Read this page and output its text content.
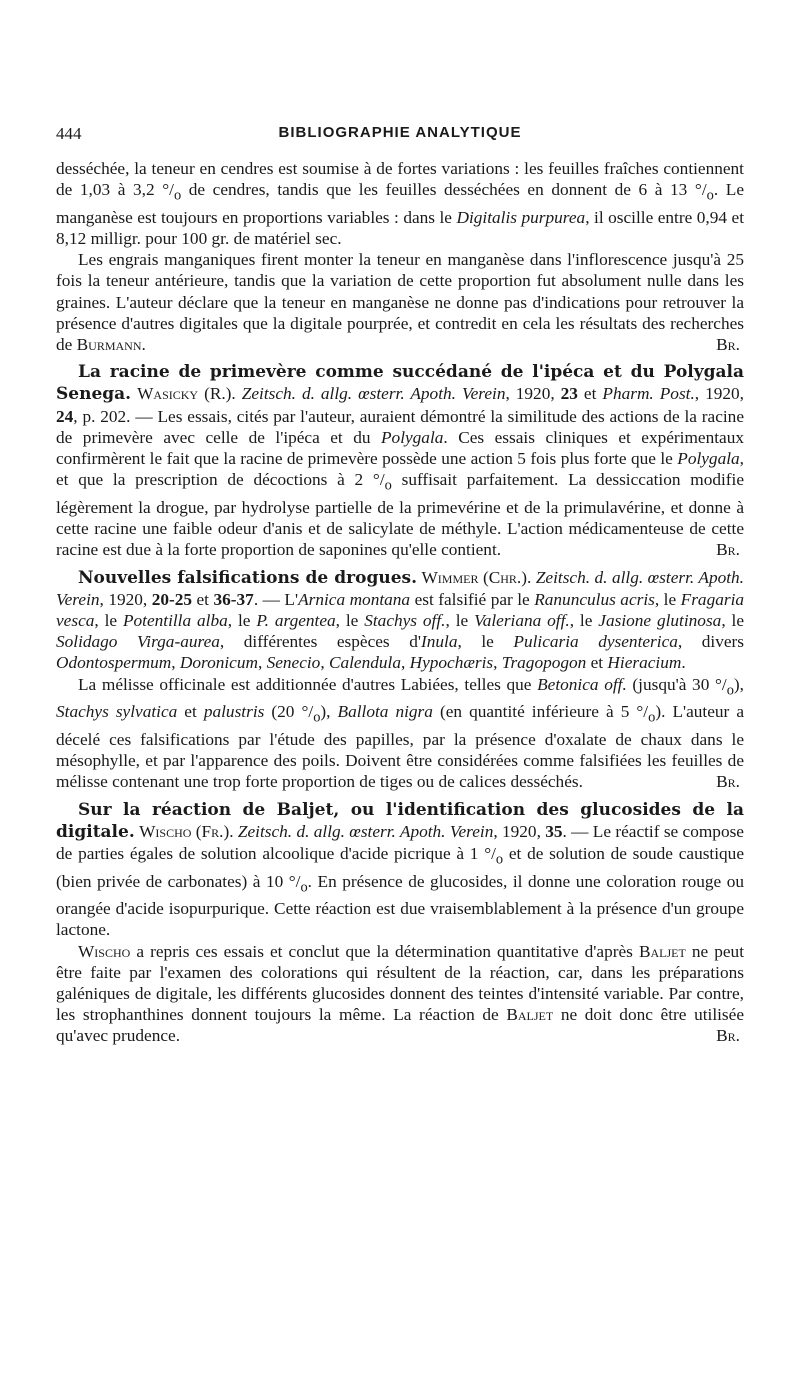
444	BIBLIOGRAPHIE ANALYTIQUE

desséchée, la teneur en cendres est soumise à de fortes variations : les feuilles fraîches contiennent de 1,03 à 3,2 $^\circ/_o$ de cendres, tandis que les feuilles desséchées en donnent de 6 à 13 $^\circ/_o$. Le manganèse est toujours en proportions variables : dans le Digitalis purpurea, il oscille entre 0,94 et 8,12 milligr. pour 100 gr. de matériel sec.

Les engrais manganiques firent monter la teneur en manganèse dans l'inflorescence jusqu'à 25 fois la teneur antérieure, tandis que la variation de cette proportion fut absolument nulle dans les graines. L'auteur déclare que la teneur en manganèse ne donne pas d'indications pour retrouver la présence d'autres digitales que la digitale pourprée, et contredit en cela les résultats des recherches de Burmann.	Br.

La racine de primevère comme succédané de l'ipéca et du Polygala Senega. Wasicky (R.). Zeitsch. d. allg. œsterr. Apoth. Verein, 1920, 23 et Pharm. Post., 1920, 24, p. 202. — Les essais, cités par l'auteur, auraient démontré la similitude des actions de la racine de primevère avec celle de l'ipéca et du Polygala. Ces essais cliniques et expérimentaux confirmèrent le fait que la racine de primevère possède une action 5 fois plus forte que le Polygala, et que la prescription de décoctions à 2 $^\circ/_o$ suffisait parfaitement. La dessiccation modifie légèrement la drogue, par hydrolyse partielle de la primevérine et de la primulavérine, et donne à cette racine une faible odeur d'anis et de salicylate de méthyle. L'action médicamenteuse de cette racine est due à la forte proportion de saponines qu'elle contient.	Br.

Nouvelles falsifications de drogues. Wimmer (Chr.). Zeitsch. d. allg. œsterr. Apoth. Verein, 1920, 20-25 et 36-37. — L'Arnica montana est falsifié par le Ranunculus acris, le Fragaria vesca, le Potentilla alba, le P. argentea, le Stachys off., le Valeriana off., le Jasione glutinosa, le Solidago Virga-aurea, différentes espèces d'Inula, le Pulicaria dysenterica, divers Odontospermum, Doronicum, Senecio, Calendula, Hypochæris, Tragopogon et Hieracium.

La mélisse officinale est additionnée d'autres Labiées, telles que Betonica off. (jusqu'à 30 $^\circ/_o$), Stachys sylvatica et palustris (20 $^\circ/_o$), Ballota nigra (en quantité inférieure à 5 $^\circ/_o$). L'auteur a décelé ces falsifications par l'étude des papilles, par la présence d'oxalate de chaux dans le mésophylle, et par l'apparence des poils. Doivent être considérées comme falsifiées les feuilles de mélisse contenant une trop forte proportion de tiges ou de calices desséchés.	Br.

Sur la réaction de Baljet, ou l'identification des glucosides de la digitale. Wischo (Fr.). Zeitsch. d. allg. œsterr. Apoth. Verein, 1920, 35. — Le réactif se compose de parties égales de solution alcoolique d'acide picrique à 1 $^\circ/_o$ et de solution de soude caustique (bien privée de carbonates) à 10 $^\circ/_o$. En présence de glucosides, il donne une coloration rouge ou orangée d'acide isopurpurique. Cette réaction est due vraisemblablement à la présence d'un groupe lactone.

Wischo a repris ces essais et conclut que la détermination quantitative d'après Baljet ne peut être faite par l'examen des colorations qui résultent de la réaction, car, dans les préparations galéniques de digitale, les différents glucosides donnent des teintes d'intensité variable. Par contre, les strophanthines donnent toujours la même. La réaction de Baljet ne doit donc être utilisée qu'avec prudence.	Br.
